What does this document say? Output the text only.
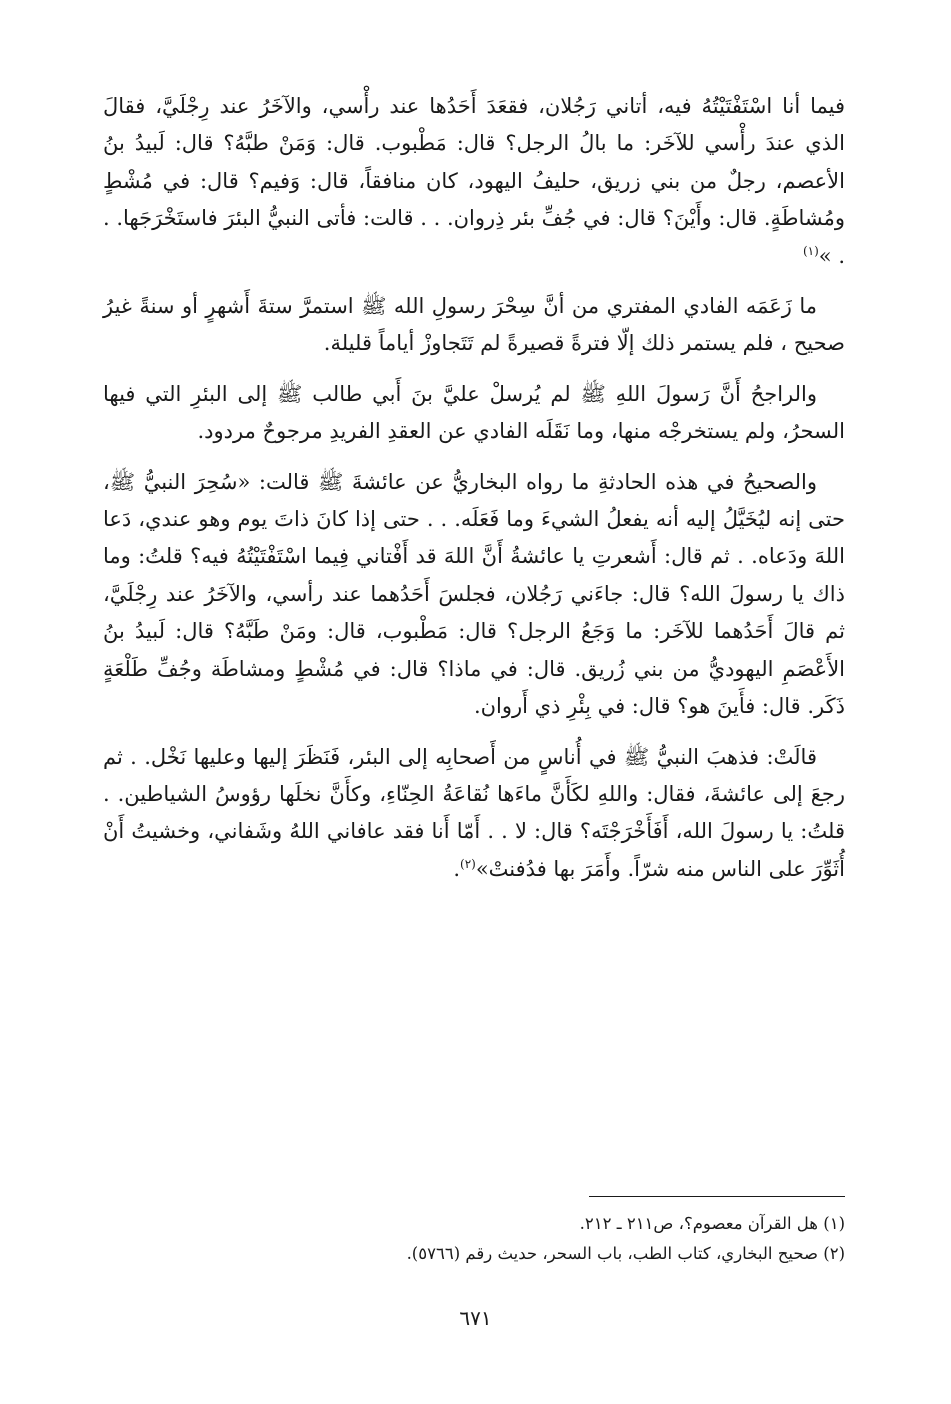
فيما أنا اسْتَفْتَيْتُهُ فيه، أتاني رَجُلان، فقعَدَ أَحَدُها عند رأْسي، والآخَرُ عند رِجْلَيَّ، فقالَ الذي عندَ رأْسي للآخَر: ما بالُ الرجل؟ قال: مَطْبوب. قال: وَمَنْ طبَّهُ؟ قال: لَبيدُ بنُ الأعصم، رجلٌ من بني زريق، حليفُ اليهود، كان منافقاً، قال: وَفيم؟ قال: في مُشْطٍ ومُشاطَةٍ. قال: وأَيْنَ؟ قال: في جُفِّ بئر ذِروان. . . قالت: فأتى النبيُّ البئرَ فاستَخْرَجَها. . . »$^{(١)}$

ما زَعَمَه الفادي المفتري من أنَّ سِحْرَ رسولِ الله ﷺ استمرَّ ستةَ أَشهرٍ أو سنةً غيرُ صحيح ، فلم يستمر ذلك إلّا فترةً قصيرةً لم تَتَجاوزْ أياماً قليلة.

والراجحُ أَنَّ رَسولَ اللهِ ﷺ لم يُرسلْ عليَّ بنَ أَبي طالب ﷺ إلى البئرِ التي فيها السحرُ، ولم يستخرجْه منها، وما نَقَلَه الفادي عن العقدِ الفريدِ مرجوحٌ مردود.

والصحيحُ في هذه الحادثةِ ما رواه البخاريُّ عن عائشةَ ﷺ قالت: «سُحِرَ النبيُّ ﷺ، حتى إنه ليُخَيَّلُ إليه أنه يفعلُ الشيءَ وما فَعَلَه. . . حتى إذا كانَ ذاتَ يوم وهو عندي، دَعا اللهَ ودَعاه. . ثم قال: أَشعرتِ يا عائشةُ أَنَّ اللهَ قد أَفْتاني فِيما اسْتَفْتَيْتُهُ فيه؟ قلتُ: وما ذاك يا رسولَ الله؟ قال: جاءَني رَجُلان، فجلسَ أَحَدُهما عند رأسي، والآخَرُ عند رِجْلَيَّ، ثم قالَ أَحَدُهما للآخَر: ما وَجَعُ الرجل؟ قال: مَطْبوب، قال: ومَنْ طَبَّهُ؟ قال: لَبيدُ بنُ الأَعْصَمِ اليهوديُّ من بني زُريق. قال: في ماذا؟ قال: في مُشْطٍ ومشاطَة وجُفِّ طَلْعَةٍ ذَكَر. قال: فأَينَ هو؟ قال: في بِئْرِ ذي أَروان.

قالَتْ: فذهبَ النبيُّ ﷺ في أُناسٍ من أَصحابِه إلى البئر، فَنَظَرَ إليها وعليها نَخْل. . ثم رجعَ إلى عائشةَ، فقال: واللهِ لكَأَنَّ ماءَها نُقاعَةُ الحِنّاءِ، وكأَنَّ نخلَها رؤوسُ الشياطين. . قلتُ: يا رسولَ الله، أَفَأَخْرَجْتَه؟ قال: لا . . أَمّا أَنا فقد عافاني اللهُ وشَفاني، وخشيتُ أَنْ أُثَوِّرَ على الناس منه شرّاً. وأَمَرَ بها فدُفنتْ»$^{(٢)}$.

(١) هل القرآن معصوم؟، ص٢١١ ـ ٢١٢.

(٢) صحيح البخاري، كتاب الطب، باب السحر، حديث رقم (٥٧٦٦).

٦٧١
